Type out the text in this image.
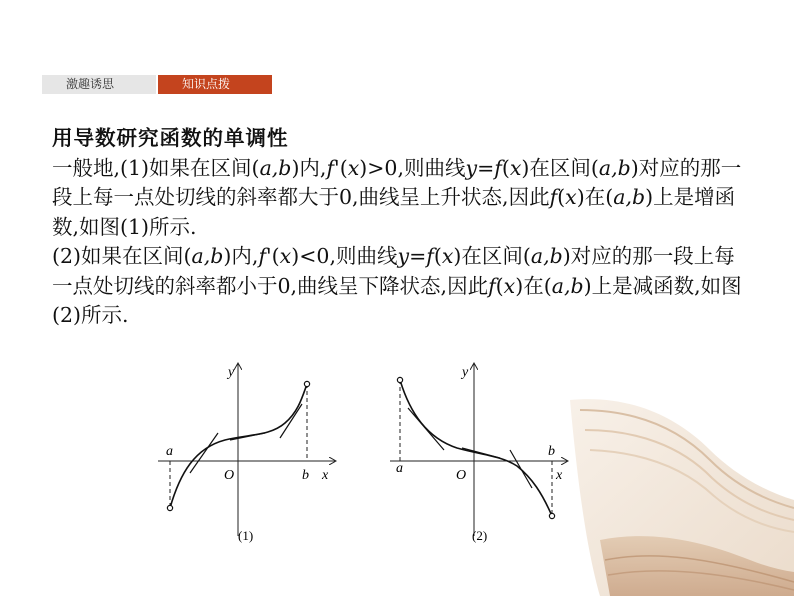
激趣诱思	知识点拨

用导数研究函数的单调性

一般地,(1)如果在区间(a,b)内,f'(x)>0,则曲线y=f(x)在区间(a,b)对应的那一段上每一点处切线的斜率都大于0,曲线呈上升状态,因此f(x)在(a,b)上是增函数,如图(1)所示.

(2)如果在区间(a,b)内,f'(x)<0,则曲线y=f(x)在区间(a,b)对应的那一段上每一点处切线的斜率都小于0,曲线呈下降状态,因此f(x)在(a,b)上是减函数,如图(2)所示.

y
x
O
a
b
(1)
y
x
O
a
b
(2)
